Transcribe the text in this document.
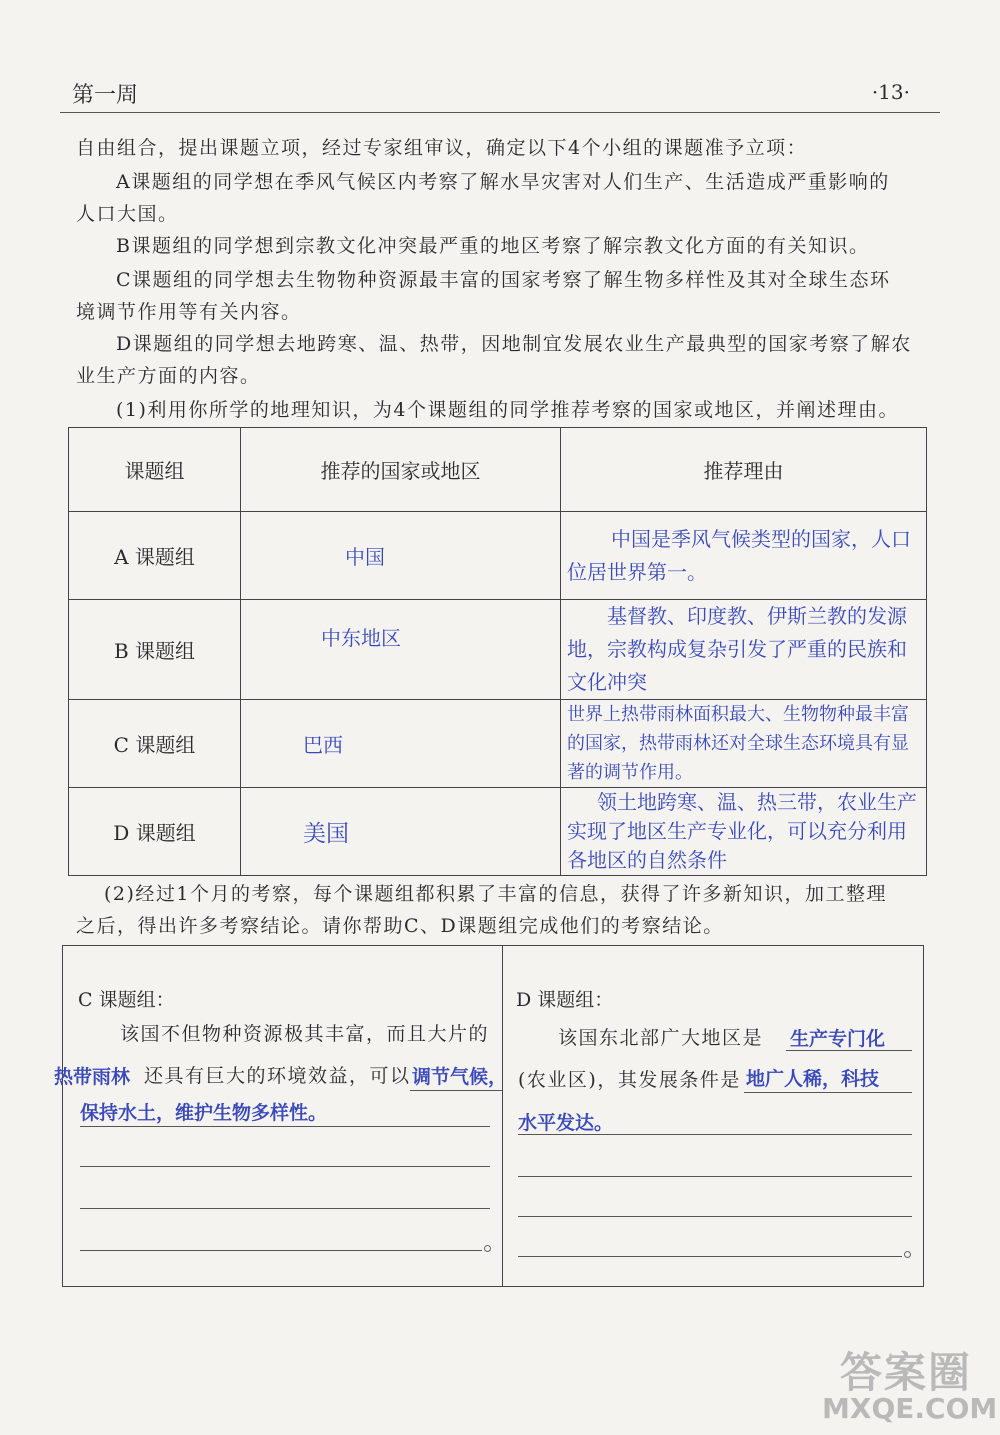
第一周	·13·
自由组合，提出课题立项，经过专家组审议，确定以下4个小组的课题准予立项：
A课题组的同学想在季风气候区内考察了解水旱灾害对人们生产、生活造成严重影响的
人口大国。
B课题组的同学想到宗教文化冲突最严重的地区考察了解宗教文化方面的有关知识。
C课题组的同学想去生物物种资源最丰富的国家考察了解生物多样性及其对全球生态环
境调节作用等有关内容。
D课题组的同学想去地跨寒、温、热带，因地制宜发展农业生产最典型的国家考察了解农
业生产方面的内容。
(1)利用你所学的地理知识，为4个课题组的同学推荐考察的国家或地区，并阐述理由。
课题组	推荐的国家或地区	推荐理由
A 课题组	中国	中国是季风气候类型的国家，人口位居世界第一。
B 课题组	中东地区	基督教、印度教、伊斯兰教的发源地，宗教构成复杂引发了严重的民族和文化冲突
C 课题组	巴西	世界上热带雨林面积最大、生物物种最丰富的国家，热带雨林还对全球生态环境具有显著的调节作用。
D 课题组	美国	领土地跨寒、温、热三带，农业生产实现了地区生产专业化，可以充分利用各地区的自然条件
(2)经过1个月的考察，每个课题组都积累了丰富的信息，获得了许多新知识，加工整理
之后，得出许多考察结论。请你帮助C、D课题组完成他们的考察结论。
C 课题组：
该国不但物种资源极其丰富，而且大片的
热带雨林 还具有巨大的环境效益，可以 调节气候，
保持水土，维护生物多样性。
D 课题组：
该国东北部广大地区是 生产专门化
(农业区)，其发展条件是 地广人稀，科技
水平发达。
答案圈
MXQE.COM
